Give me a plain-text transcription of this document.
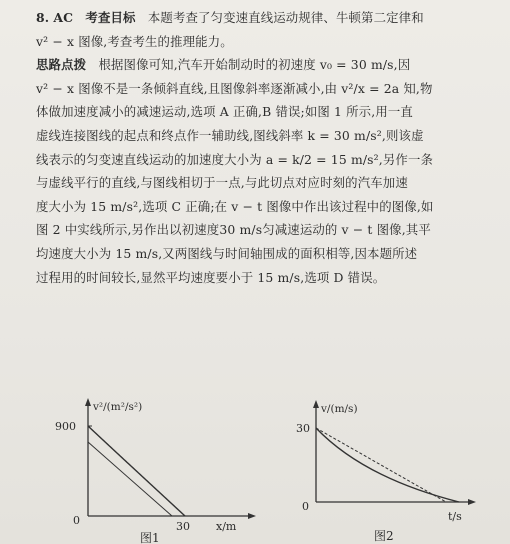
8. AC 考查目标 本题考查了匀变速直线运动规律、牛顿第二定律和
v² − x 图像,考查考生的推理能力。
思路点拨 根据图像可知,汽车开始制动时的初速度 v₀ = 30 m/s,因
v² − x 图像不是一条倾斜直线,且图像斜率逐渐减小,由 v²/x = 2a 知,物
体做加速度减小的减速运动,选项 A 正确,B 错误;如图 1 所示,用一直
虚线连接图线的起点和终点作一辅助线,图线斜率 k = 30 m/s²,则该虚
线表示的匀变速直线运动的加速度大小为 a = k/2 = 15 m/s²,另作一条
与虚线平行的直线,与图线相切于一点,与此切点对应时刻的汽车加速
度大小为 15 m/s²,选项 C 正确;在 v − t 图像中作出该过程中的图像,如
图 2 中实线所示,另作出以初速度30 m/s匀减速运动的 v − t 图像,其平
均速度大小为 15 m/s,又两图线与时间轴围成的面积相等,因本题所述
过程用的时间较长,显然平均速度要小于 15 m/s,选项 D 错误。
v²/(m²/s²)
900
0	30 x/m
图1
v/(m/s)
30
0
t/s
图2
